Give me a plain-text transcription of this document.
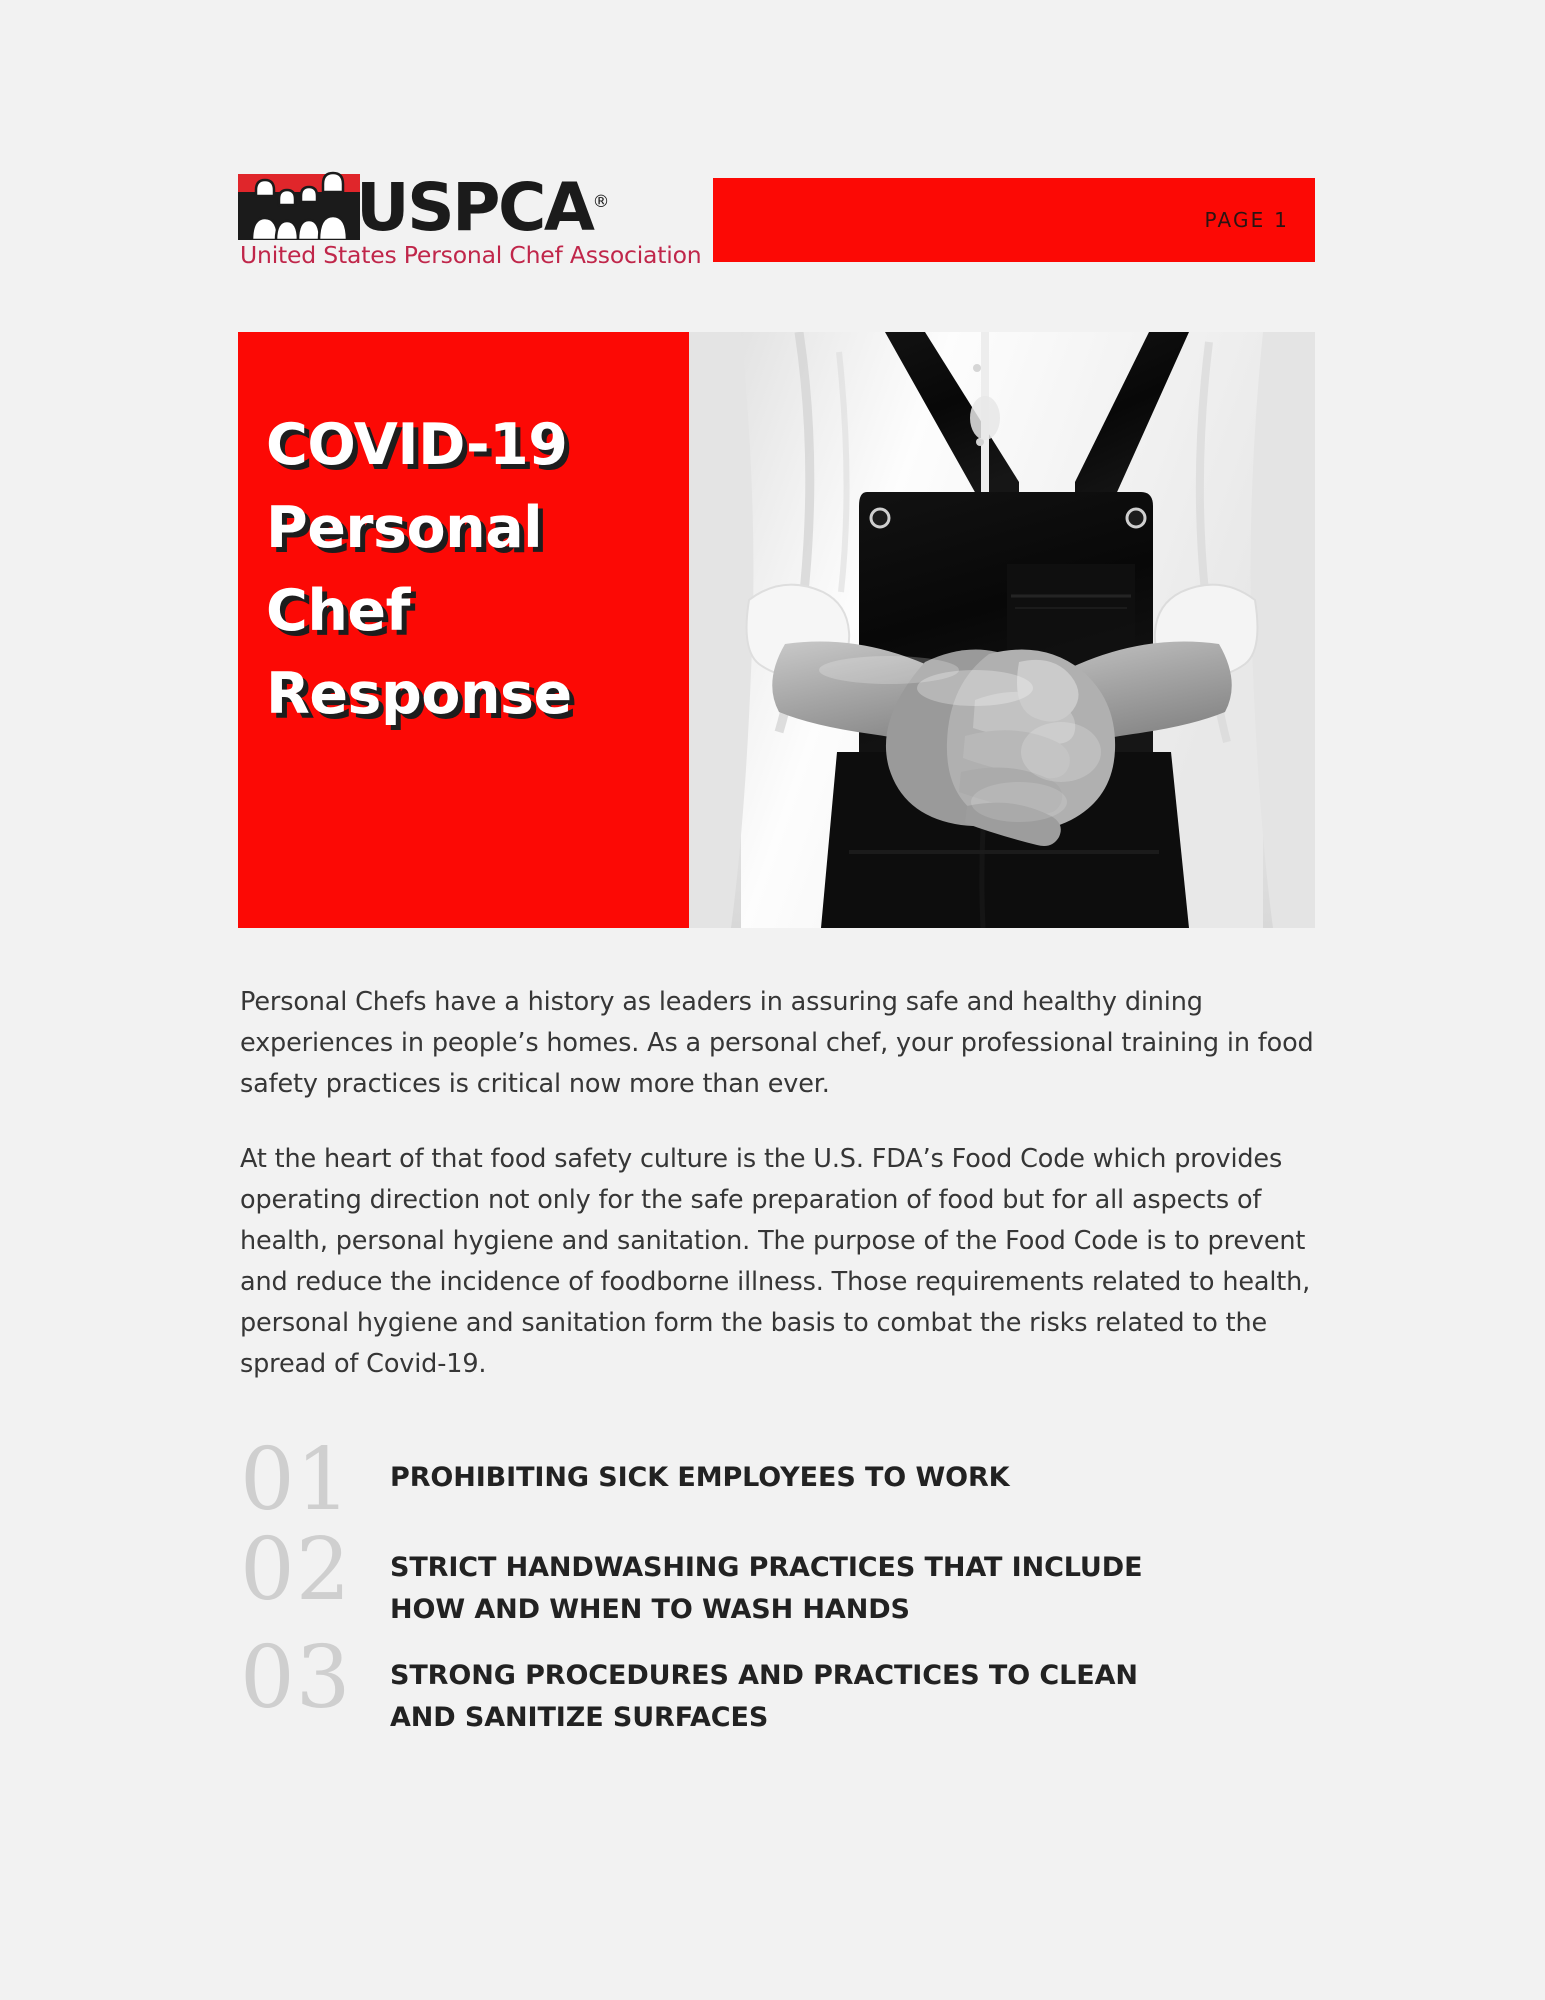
USPCA®
United States Personal Chef Association
PAGE 1
COVID-19
Personal
Chef
Response

Personal Chefs have a history as leaders in assuring safe and healthy dining experiences in people’s homes. As a personal chef, your professional training in food safety practices is critical now more than ever.

At the heart of that food safety culture is the U.S. FDA’s Food Code which provides operating direction not only for the safe preparation of food but for all aspects of health, personal hygiene and sanitation. The purpose of the Food Code is to prevent and reduce the incidence of foodborne illness. Those requirements related to health, personal hygiene and sanitation form the basis to combat the risks related to the spread of Covid-19.

01	PROHIBITING SICK EMPLOYEES TO WORK
02	STRICT HANDWASHING PRACTICES THAT INCLUDE
HOW AND WHEN TO WASH HANDS
03	STRONG PROCEDURES AND PRACTICES TO CLEAN
AND SANITIZE SURFACES
